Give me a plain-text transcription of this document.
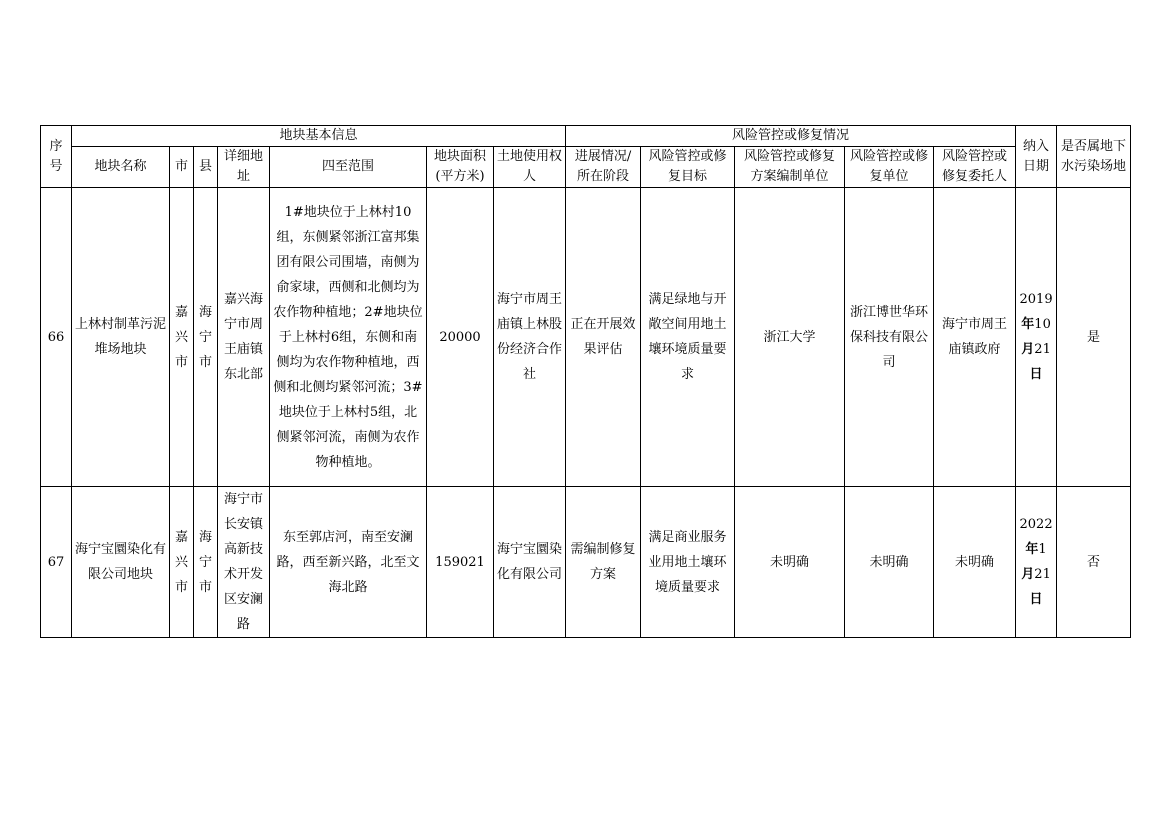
序号	地块基本信息							风险管控或修复情况					纳入日期	是否属地下水污染场地
	地块名称	市	县	详细地址	四至范围	地块面积(平方米)	土地使用权人	进展情况/所在阶段	风险管控或修复目标	风险管控或修复方案编制单位	风险管控或修复单位	风险管控或修复委托人		
66	上林村制革污泥堆场地块	嘉兴市	海宁市	嘉兴海宁市周王庙镇东北部	1#地块位于上林村10组，东侧紧邻浙江富邦集团有限公司围墙，南侧为俞家埭，西侧和北侧均为农作物种植地；2#地块位于上林村6组，东侧和南侧均为农作物种植地，西侧和北侧均紧邻河流；3#地块位于上林村5组，北侧紧邻河流，南侧为农作物种植地。	20000	海宁市周王庙镇上林股份经济合作社	正在开展效果评估	满足绿地与开敞空间用地土壤环境质量要求	浙江大学	浙江博世华环保科技有限公司	海宁市周王庙镇政府	2019年10月21日	是
67	海宁宝圜染化有限公司地块	嘉兴市	海宁市	海宁市长安镇高新技术开发区安澜路	东至郭店河，南至安澜路，西至新兴路，北至文海北路	159021	海宁宝圜染化有限公司	需编制修复方案	满足商业服务业用地土壤环境质量要求	未明确	未明确	未明确	2022年1月21日	否
